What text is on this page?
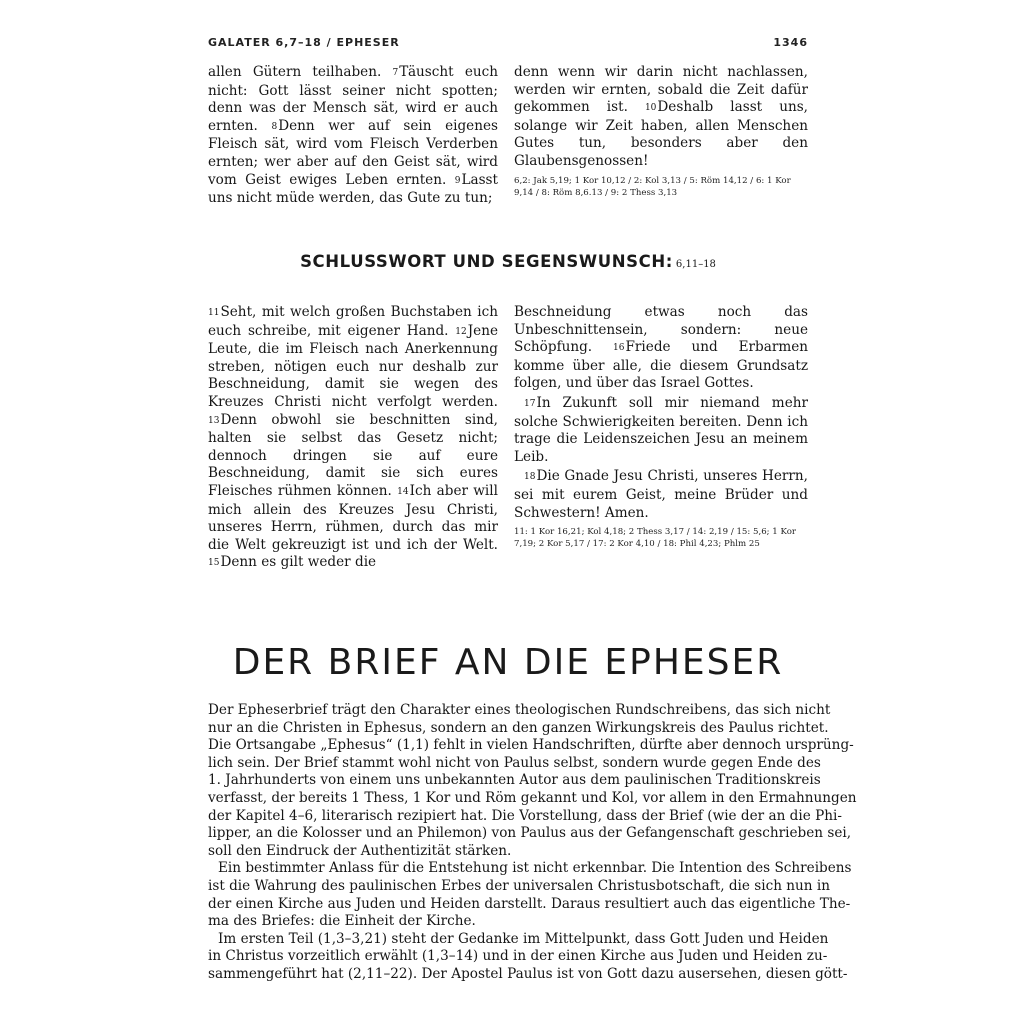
GALATER 6,7–18 / EPHESER	1346

allen Gütern teilhaben. 7Täuscht euch nicht: Gott lässt seiner nicht spotten; denn was der Mensch sät, wird er auch ernten. 8Denn wer auf sein eigenes Fleisch sät, wird vom Fleisch Verderben ernten; wer aber auf den Geist sät, wird vom Geist ewiges Leben ernten. 9Lasst uns nicht müde werden, das Gute zu tun;

denn wenn wir darin nicht nachlassen, werden wir ernten, sobald die Zeit dafür gekommen ist. 10Deshalb lasst uns, solange wir Zeit haben, allen Menschen Gutes tun, besonders aber den Glaubensgenossen!

6,2: Jak 5,19; 1 Kor 10,12 / 2: Kol 3,13 / 5: Röm 14,12 / 6: 1 Kor 9,14 / 8: Röm 8,6.13 / 9: 2 Thess 3,13
SCHLUSSWORT UND SEGENSWUNSCH: 6,11–18

11Seht, mit welch großen Buchstaben ich euch schreibe, mit eigener Hand. 12Jene Leute, die im Fleisch nach Anerkennung streben, nötigen euch nur deshalb zur Beschneidung, damit sie wegen des Kreuzes Christi nicht verfolgt werden. 13Denn obwohl sie beschnitten sind, halten sie selbst das Gesetz nicht; dennoch dringen sie auf eure Beschneidung, damit sie sich eures Fleisches rühmen können. 14Ich aber will mich allein des Kreuzes Jesu Christi, unseres Herrn, rühmen, durch das mir die Welt gekreuzigt ist und ich der Welt. 15Denn es gilt weder die

Beschneidung etwas noch das Unbeschnittensein, sondern: neue Schöpfung. 16Friede und Erbarmen komme über alle, die diesem Grundsatz folgen, und über das Israel Gottes.

17In Zukunft soll mir niemand mehr solche Schwierigkeiten bereiten. Denn ich trage die Leidenszeichen Jesu an meinem Leib.

18Die Gnade Jesu Christi, unseres Herrn, sei mit eurem Geist, meine Brüder und Schwestern! Amen.

11: 1 Kor 16,21; Kol 4,18; 2 Thess 3,17 / 14: 2,19 / 15: 5,6; 1 Kor 7,19; 2 Kor 5,17 / 17: 2 Kor 4,10 / 18: Phil 4,23; Phlm 25
DER BRIEF AN DIE EPHESER
Der Epheserbrief trägt den Charakter eines theologischen Rundschreibens, das sich nicht
nur an die Christen in Ephesus, sondern an den ganzen Wirkungskreis des Paulus richtet.
Die Ortsangabe „Ephesus“ (1,1) fehlt in vielen Handschriften, dürfte aber dennoch ursprüng-
lich sein. Der Brief stammt wohl nicht von Paulus selbst, sondern wurde gegen Ende des
1. Jahrhunderts von einem uns unbekannten Autor aus dem paulinischen Traditionskreis
verfasst, der bereits 1 Thess, 1 Kor und Röm gekannt und Kol, vor allem in den Ermahnungen
der Kapitel 4–6, literarisch rezipiert hat. Die Vorstellung, dass der Brief (wie der an die Phi-
lipper, an die Kolosser und an Philemon) von Paulus aus der Gefangenschaft geschrieben sei,
soll den Eindruck der Authentizität stärken.
Ein bestimmter Anlass für die Entstehung ist nicht erkennbar. Die Intention des Schreibens
ist die Wahrung des paulinischen Erbes der universalen Christusbotschaft, die sich nun in
der einen Kirche aus Juden und Heiden darstellt. Daraus resultiert auch das eigentliche The-
ma des Briefes: die Einheit der Kirche.
Im ersten Teil (1,3–3,21) steht der Gedanke im Mittelpunkt, dass Gott Juden und Heiden
in Christus vorzeitlich erwählt (1,3–14) und in der einen Kirche aus Juden und Heiden zu-
sammengeführt hat (2,11–22). Der Apostel Paulus ist von Gott dazu ausersehen, diesen gött-
